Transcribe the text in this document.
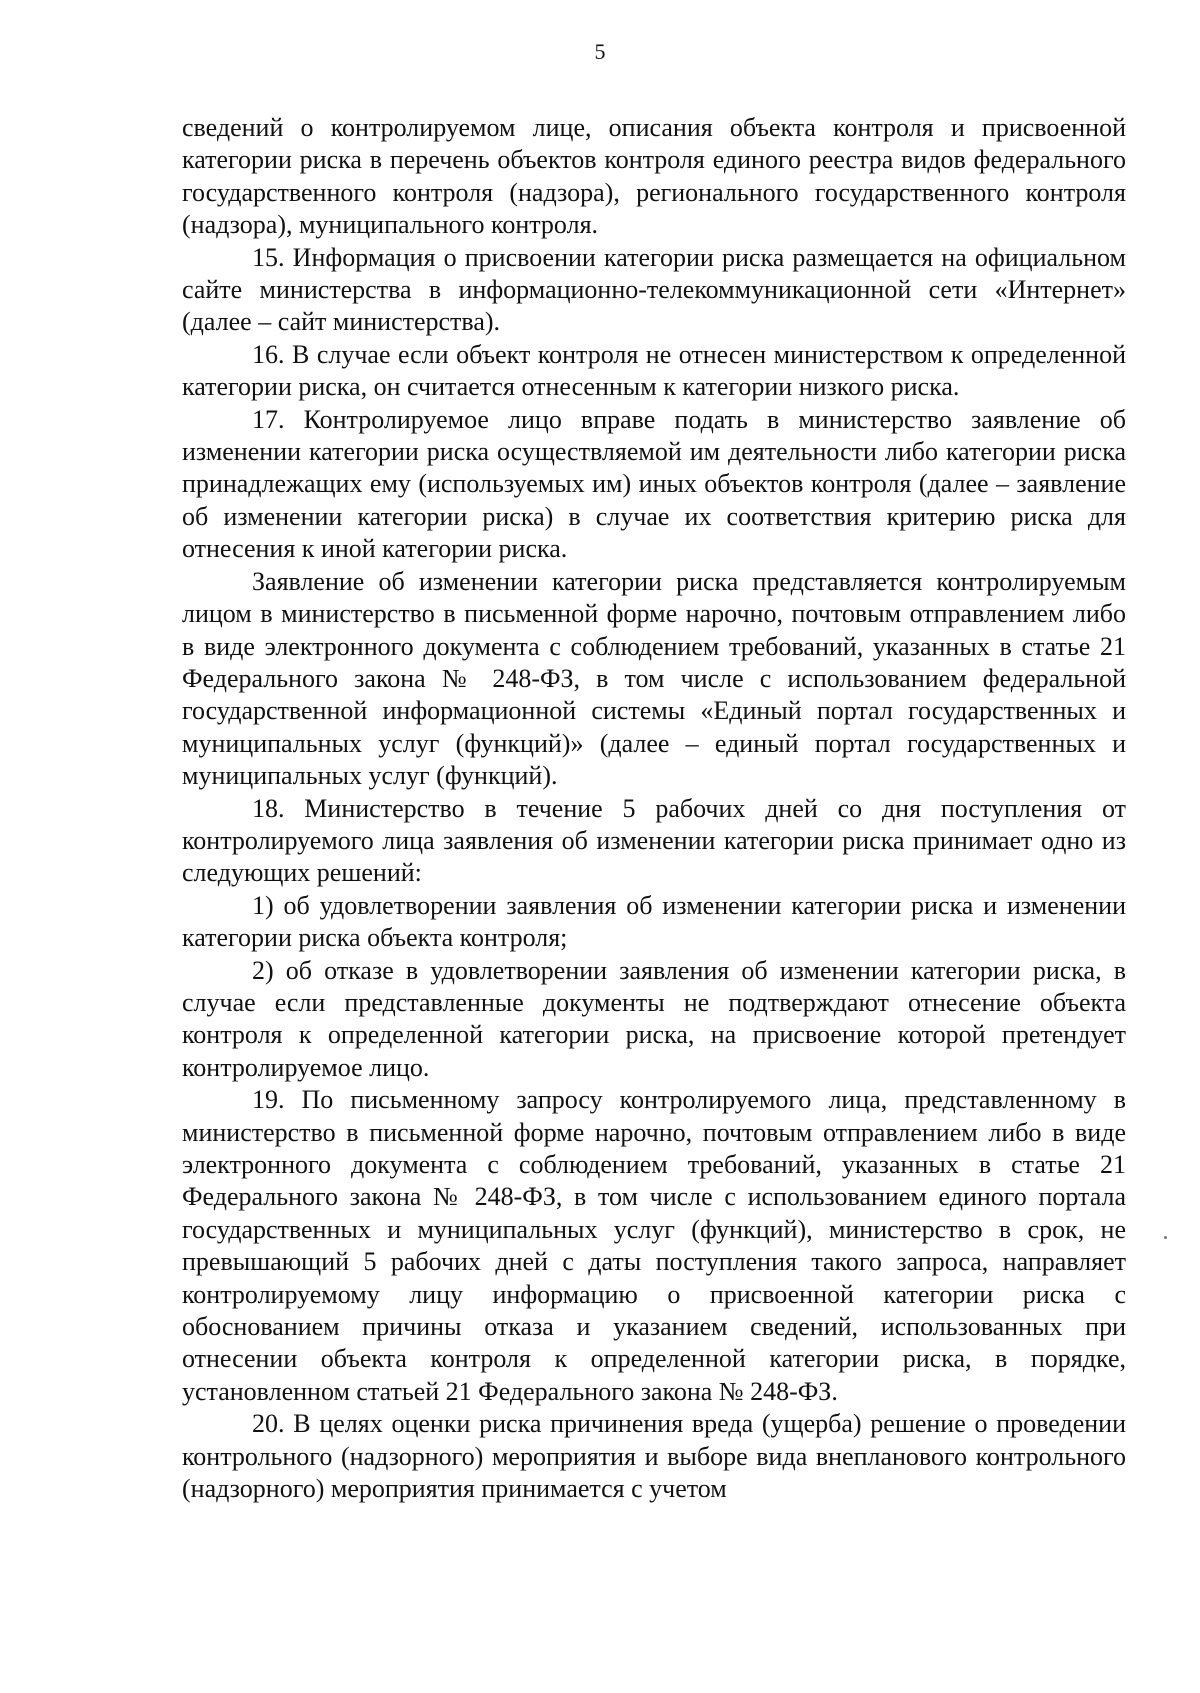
5

сведений о контролируемом лице, описания объекта контроля и присвоенной категории риска в перечень объектов контроля единого реестра видов федерального государственного контроля (надзора), регионального государственного контроля (надзора), муниципального контроля.

15. Информация о присвоении категории риска размещается на официальном сайте министерства в информационно-телекоммуникационной сети «Интернет» (далее – сайт министерства).

16. В случае если объект контроля не отнесен министерством к определенной категории риска, он считается отнесенным к категории низкого риска.

17. Контролируемое лицо вправе подать в министерство заявление об изменении категории риска осуществляемой им деятельности либо категории риска принадлежащих ему (используемых им) иных объектов контроля (далее – заявление об изменении категории риска) в случае их соответствия критерию риска для отнесения к иной категории риска.

Заявление об изменении категории риска представляется контролируемым лицом в министерство в письменной форме нарочно, почтовым отправлением либо в виде электронного документа с соблюдением требований, указанных в статье 21 Федерального закона № 248-ФЗ, в том числе с использованием федеральной государственной информационной системы «Единый портал государственных и муниципальных услуг (функций)» (далее – единый портал государственных и муниципальных услуг (функций).

18. Министерство в течение 5 рабочих дней со дня поступления от контролируемого лица заявления об изменении категории риска принимает одно из следующих решений:

1) об удовлетворении заявления об изменении категории риска и изменении категории риска объекта контроля;

2) об отказе в удовлетворении заявления об изменении категории риска, в случае если представленные документы не подтверждают отнесение объекта контроля к определенной категории риска, на присвоение которой претендует контролируемое лицо.

19. По письменному запросу контролируемого лица, представленному в министерство в письменной форме нарочно, почтовым отправлением либо в виде электронного документа с соблюдением требований, указанных в статье 21 Федерального закона № 248-ФЗ, в том числе с использованием единого портала государственных и муниципальных услуг (функций), министерство в срок, не превышающий 5 рабочих дней с даты поступления такого запроса, направляет контролируемому лицу информацию о присвоенной категории риска с обоснованием причины отказа и указанием сведений, использованных при отнесении объекта контроля к определенной категории риска, в порядке, установленном статьей 21 Федерального закона № 248-ФЗ.

20. В целях оценки риска причинения вреда (ущерба) решение о проведении контрольного (надзорного) мероприятия и выборе вида внепланового контрольного (надзорного) мероприятия принимается с учетом
